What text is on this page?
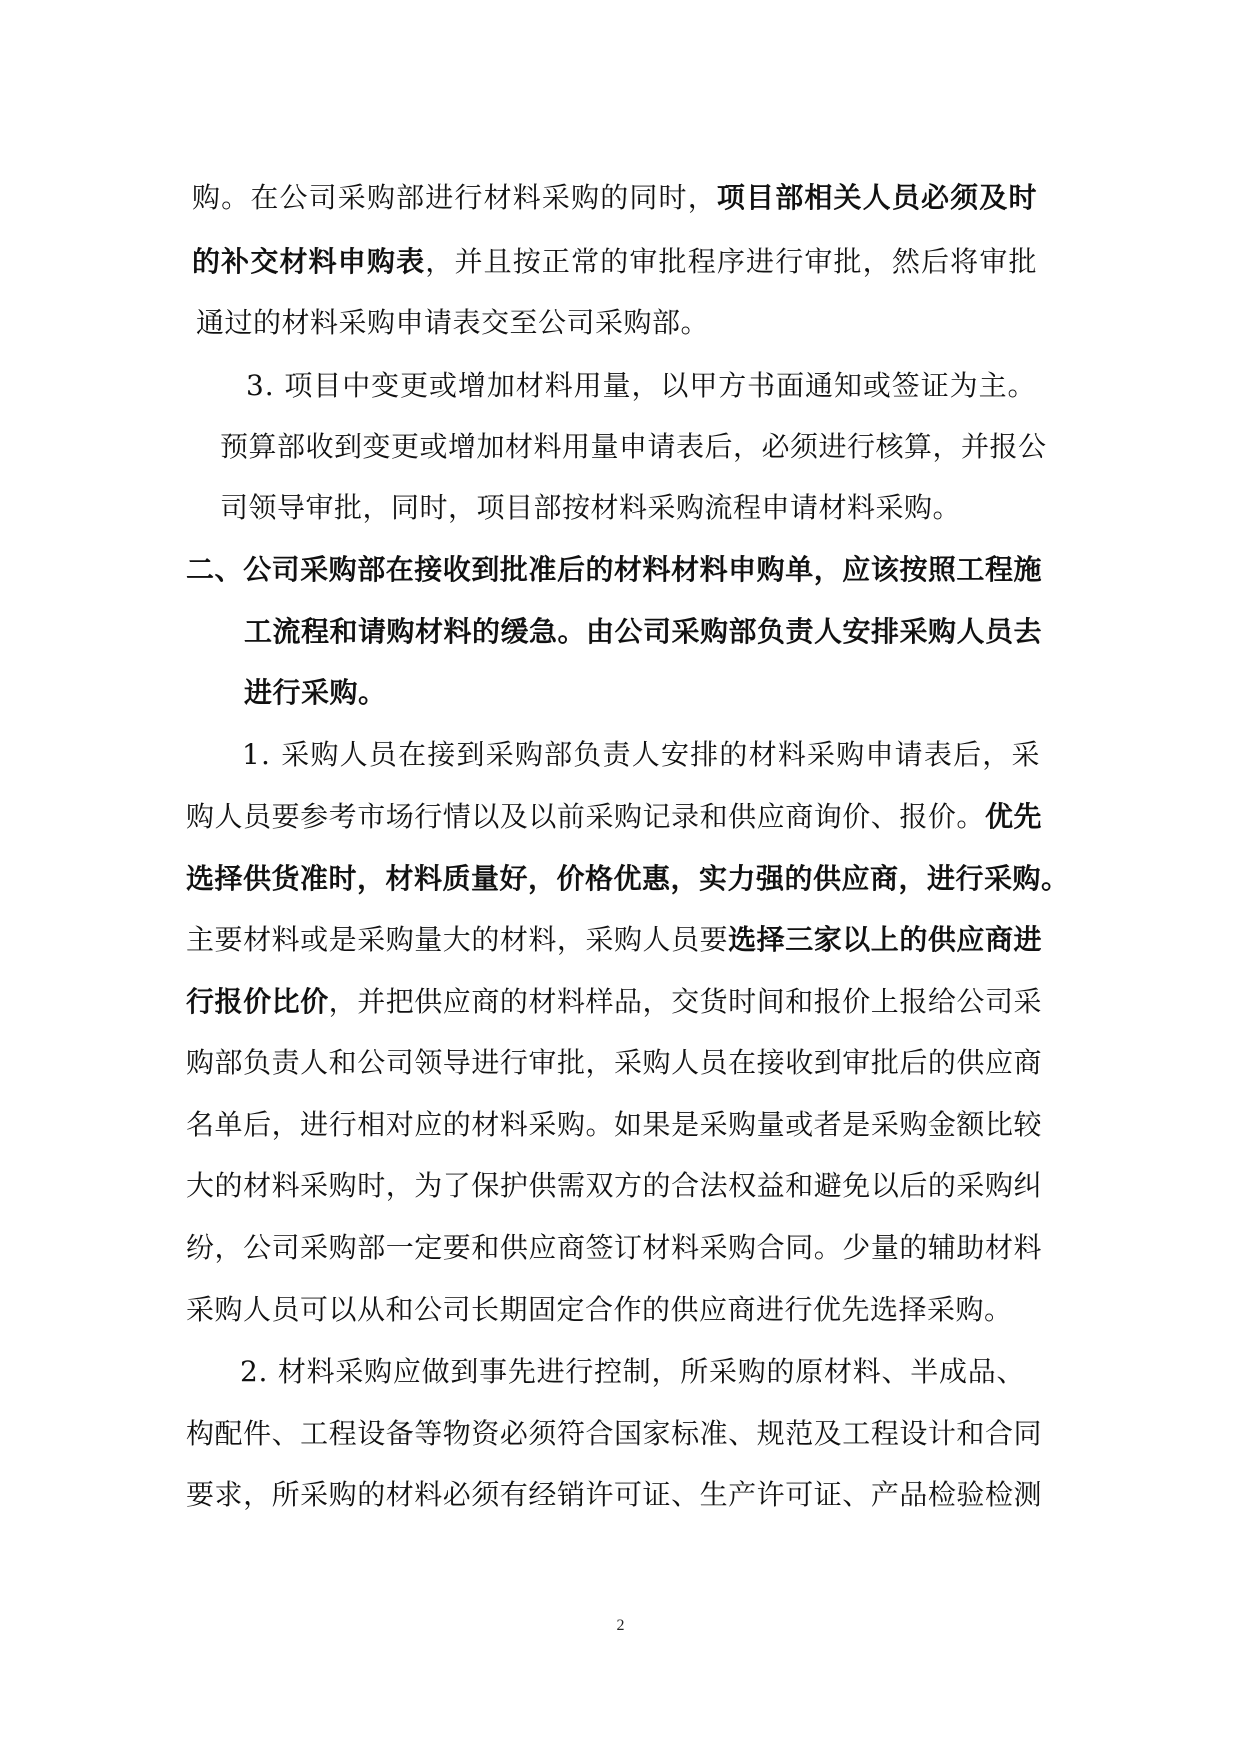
购。在公司采购部进行材料采购的同时，项目部相关人员必须及时
的补交材料申购表，并且按正常的审批程序进行审批，然后将审批
通过的材料采购申请表交至公司采购部。
3. 项目中变更或增加材料用量，以甲方书面通知或签证为主。
预算部收到变更或增加材料用量申请表后，必须进行核算，并报公
司领导审批，同时，项目部按材料采购流程申请材料采购。
二、公司采购部在接收到批准后的材料材料申购单，应该按照工程施
工流程和请购材料的缓急。由公司采购部负责人安排采购人员去
进行采购。
1. 采购人员在接到采购部负责人安排的材料采购申请表后，采
购人员要参考市场行情以及以前采购记录和供应商询价、报价。优先
选择供货准时，材料质量好，价格优惠，实力强的供应商，进行采购。
主要材料或是采购量大的材料，采购人员要选择三家以上的供应商进
行报价比价，并把供应商的材料样品，交货时间和报价上报给公司采
购部负责人和公司领导进行审批，采购人员在接收到审批后的供应商
名单后，进行相对应的材料采购。如果是采购量或者是采购金额比较
大的材料采购时，为了保护供需双方的合法权益和避免以后的采购纠
纷，公司采购部一定要和供应商签订材料采购合同。少量的辅助材料
采购人员可以从和公司长期固定合作的供应商进行优先选择采购。
2. 材料采购应做到事先进行控制，所采购的原材料、半成品、
构配件、工程设备等物资必须符合国家标准、规范及工程设计和合同
要求，所采购的材料必须有经销许可证、生产许可证、产品检验检测
2
